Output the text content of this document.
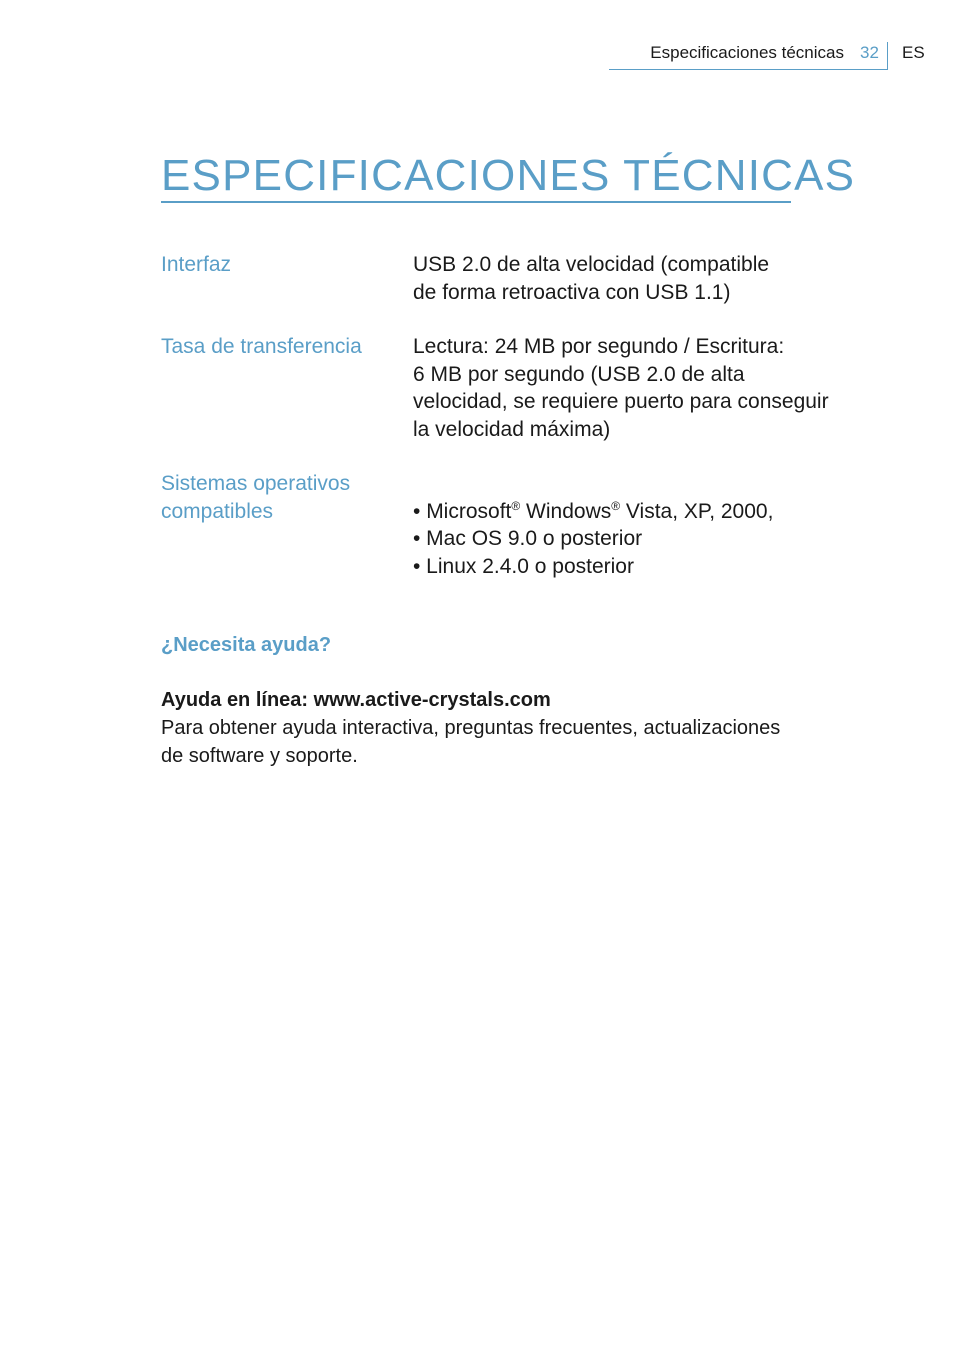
Especificaciones técnicas 32 ES
ESPECIFICACIONES TÉCNICAS
Interfaz	USB 2.0 de alta velocidad (compatible
de forma retroactiva con USB 1.1)
Tasa de transferencia	Lectura: 24 MB por segundo / Escritura:
6 MB por segundo (USB 2.0 de alta
velocidad, se requiere puerto para conseguir
la velocidad máxima)
Sistemas operativos
compatibles	• Microsoft® Windows® Vista, XP, 2000,
• Mac OS 9.0 o posterior
• Linux 2.4.0 o posterior
¿Necesita ayuda?
Ayuda en línea: www.active-crystals.com
Para obtener ayuda interactiva, preguntas frecuentes, actualizaciones
de software y soporte.
